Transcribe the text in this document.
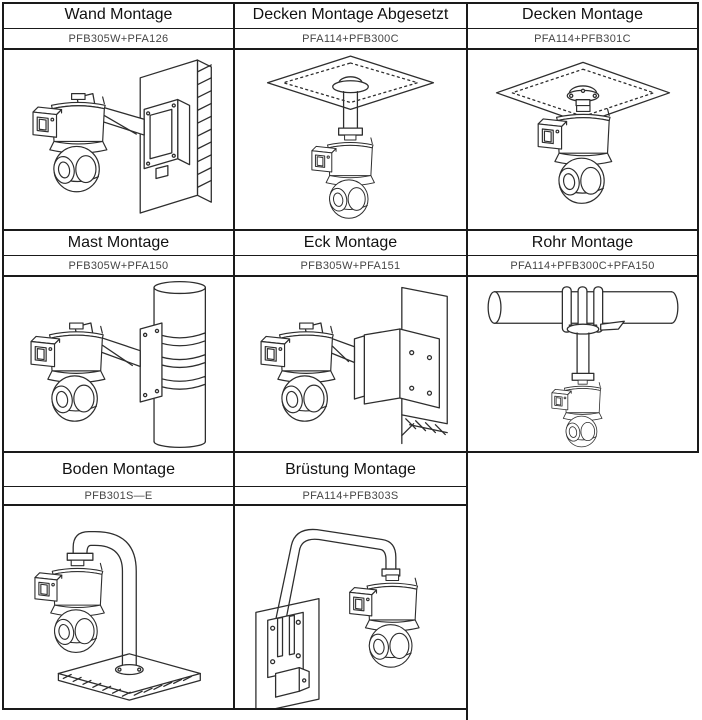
Wand Montage	Decken Montage Abgesetzt	Decken Montage
PFB305W+PFA126	PFA114+PFB300C	PFA114+PFB301C
Mast Montage	Eck Montage	Rohr Montage
PFB305W+PFA150	PFB305W+PFA151	PFA114+PFB300C+PFA150
Boden Montage	Brüstung Montage
PFB301S—E	PFA114+PFB303S
